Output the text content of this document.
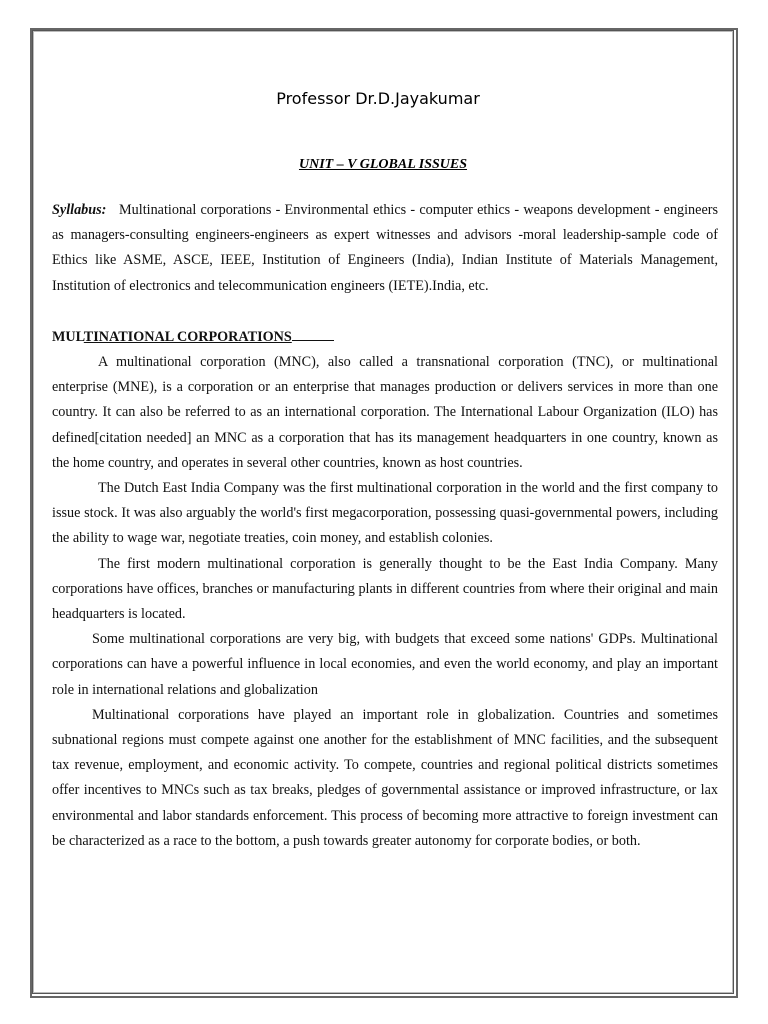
Professor Dr.D.Jayakumar
UNIT – V GLOBAL ISSUES

Syllabus: Multinational corporations - Environmental ethics - computer ethics - weapons development - engineers as managers-consulting engineers-engineers as expert witnesses and advisors -moral leadership-sample code of Ethics like ASME, ASCE, IEEE, Institution of Engineers (India), Indian Institute of Materials Management, Institution of electronics and telecommunication engineers (IETE).India, etc.

MULTINATIONAL CORPORATIONS

A multinational corporation (MNC), also called a transnational corporation (TNC), or multinational enterprise (MNE), is a corporation or an enterprise that manages production or delivers services in more than one country. It can also be referred to as an international corporation. The International Labour Organization (ILO) has defined[citation needed] an MNC as a corporation that has its management headquarters in one country, known as the home country, and operates in several other countries, known as host countries.

The Dutch East India Company was the first multinational corporation in the world and the first company to issue stock. It was also arguably the world's first megacorporation, possessing quasi-governmental powers, including the ability to wage war, negotiate treaties, coin money, and establish colonies.

The first modern multinational corporation is generally thought to be the East India Company. Many corporations have offices, branches or manufacturing plants in different countries from where their original and main headquarters is located.

Some multinational corporations are very big, with budgets that exceed some nations' GDPs. Multinational corporations can have a powerful influence in local economies, and even the world economy, and play an important role in international relations and globalization

Multinational corporations have played an important role in globalization. Countries and sometimes subnational regions must compete against one another for the establishment of MNC facilities, and the subsequent tax revenue, employment, and economic activity. To compete, countries and regional political districts sometimes offer incentives to MNCs such as tax breaks, pledges of governmental assistance or improved infrastructure, or lax environmental and labor standards enforcement. This process of becoming more attractive to foreign investment can be characterized as a race to the bottom, a push towards greater autonomy for corporate bodies, or both.
